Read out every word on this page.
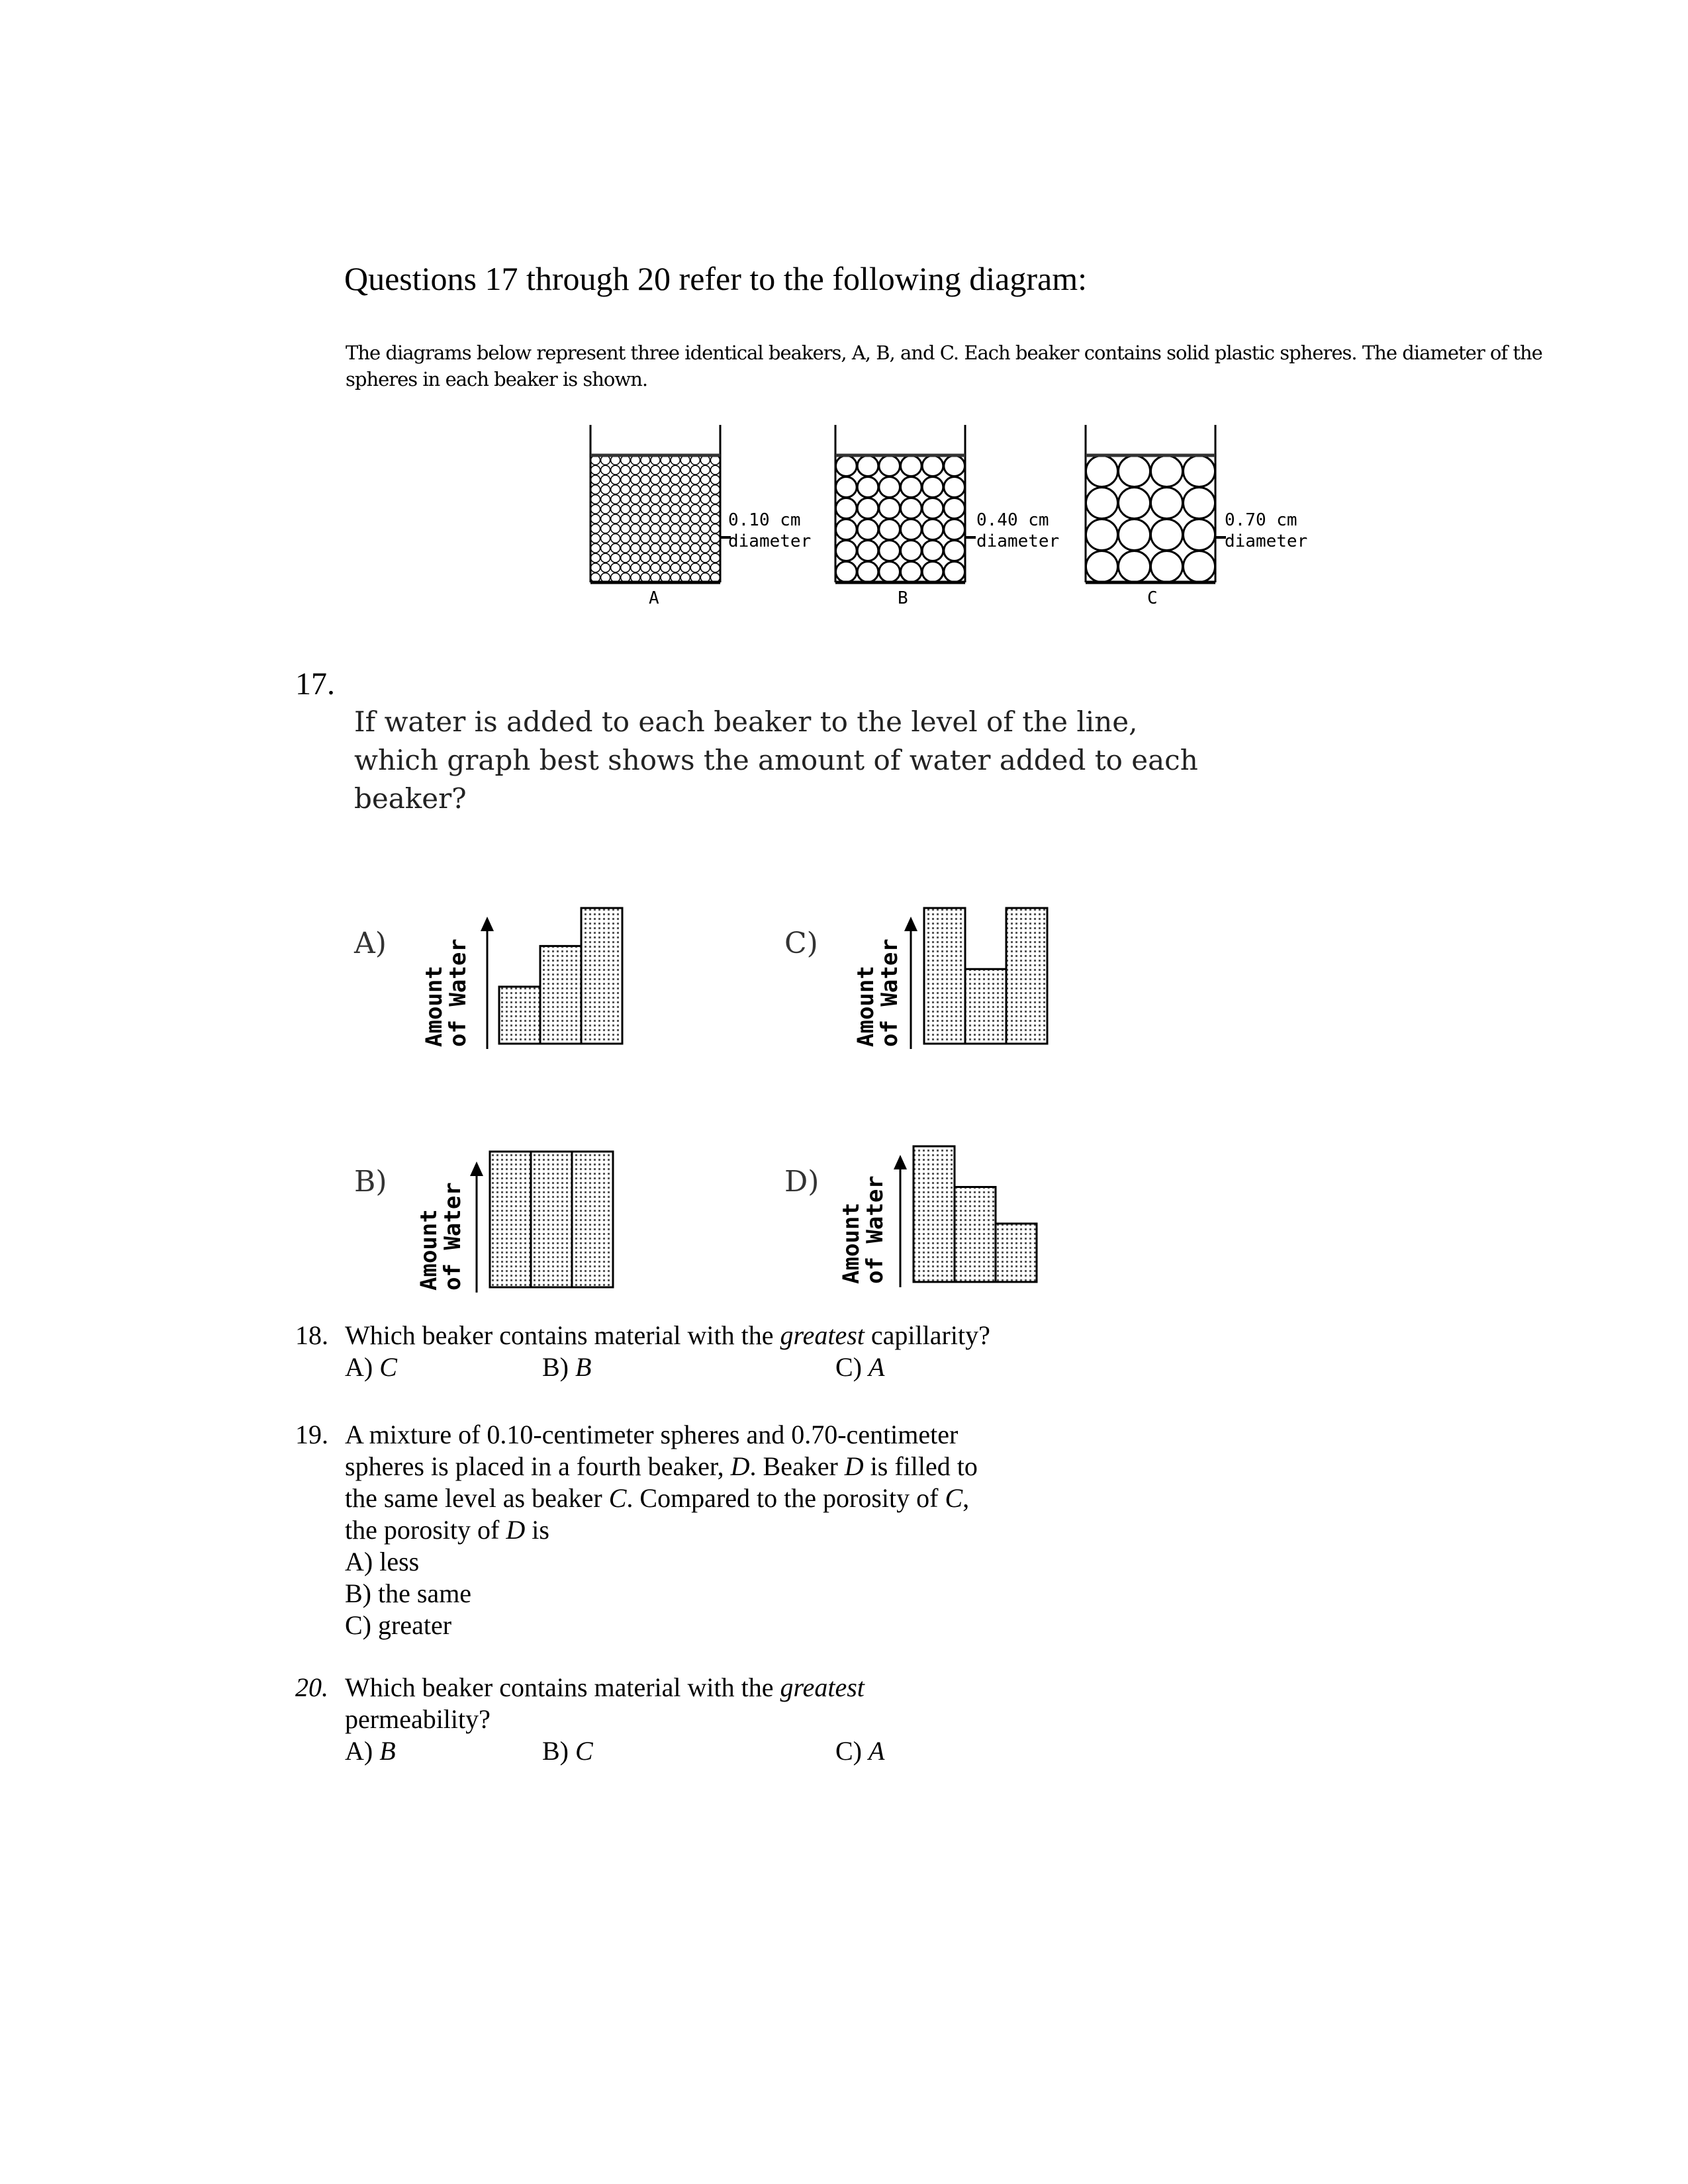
Questions 17 through 20 refer to the following diagram:
The diagrams below represent three identical beakers, A, B, and C. Each beaker contains solid plastic spheres. The diameter of the
spheres in each beaker is shown.
0.10 cm
diameter
0.40 cm
diameter
0.70 cm
diameter
A	B	C
17.
If water is added to each beaker to the level of the line,
which graph best shows the amount of water added to each
beaker?
A)	C)
B)	D)
Amount
of Water	Amount
of Water
Amount
of Water	Amount
of Water
18. Which beaker contains material with the greatest capillarity?
A) C	B) B	C) A
19. A mixture of 0.10-centimeter spheres and 0.70-centimeter
spheres is placed in a fourth beaker, D. Beaker D is filled to
the same level as beaker C. Compared to the porosity of C,
the porosity of D is
A) less
B) the same
C) greater
20. Which beaker contains material with the greatest
permeability?
A) B	B) C	C) A
